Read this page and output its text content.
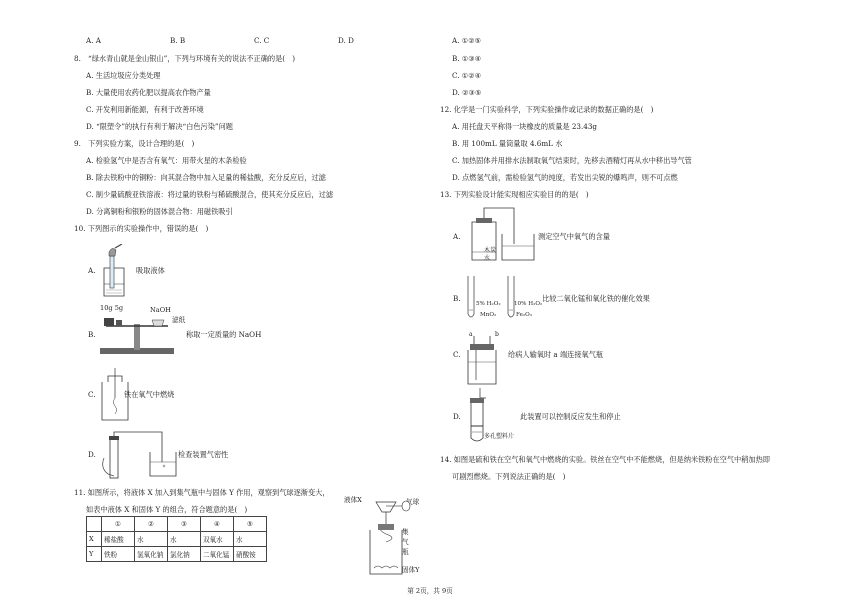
A. A	B. B	C. C	D. D
8.　“绿水青山就是金山银山”，下列与环境有关的说法不正确的是(　)
A. 生活垃圾应分类处理
B. 大量使用农药化肥以提高农作物产量
C. 开发利用新能源，有利于改善环境
D. “限塑令”的执行有利于解决“白色污染”问题
9.　下列实验方案，设计合理的是(　)
A. 检验氢气中是否含有氧气：用带火星的木条检验
B. 除去铁粉中的铜粉：向其混合物中加入足量的稀盐酸，充分反应后，过滤
C. 制少量硫酸亚铁溶液：将过量的铁粉与稀硫酸混合，使其充分反应后，过滤
D. 分离铜粉和银粉的固体混合物：用磁铁吸引
10. 下列图示的实验操作中，错误的是(　)
A.	吸取液体
B.
10g 5g	NaOH
滤纸
称取一定质量的 NaOH
C.	铁在氧气中燃烧
D.	检查装置气密性
11. 如图所示，将液体 X 加入到集气瓶中与固体 Y 作用，观察到气球逐渐变大，
如表中液体 X 和固体 Y 的组合，符合题意的是(　)
	①	②	③	④	⑤
X	稀盐酸	水	水	双氧水	水
Y	铁粉	氢氧化钠	氯化钠	二氧化锰	硝酸铵
液体X	气球
集
气
瓶
固体Y
A. ①②⑤
B. ①③④
C. ①②④
D. ②③⑤
12. 化学是一门实验科学，下列实验操作或记录的数据正确的是(　)
A. 用托盘天平称得一块橡皮的质量是 23.43g
B. 用 100mL 量筒量取 4.6mL 水
C. 加热固体并用排水法制取氧气结束时，先移去酒精灯再从水中移出导气管
D. 点燃氢气前，需检验氢气的纯度，若发出尖锐的爆鸣声，则不可点燃
13. 下列实验设计能实现相应实验目的的是(　)
A.
木炭
水
测定空气中氧气的含量
B.
5% H₂O₂
MnO₂
10% H₂O₂
Fe₂O₃
比较二氧化锰和氧化铁的催化效果
C.
a	b
给病人输氧时 a 端连接氧气瓶
D.
多孔塑料片
此装置可以控制反应发生和停止
14. 如图是硫和铁在空气和氧气中燃烧的实验。铁丝在空气中不能燃烧，但是纳米铁粉在空气中稍加热即
可剧烈燃烧。下列说法正确的是(　)
第 2页，共 9页
